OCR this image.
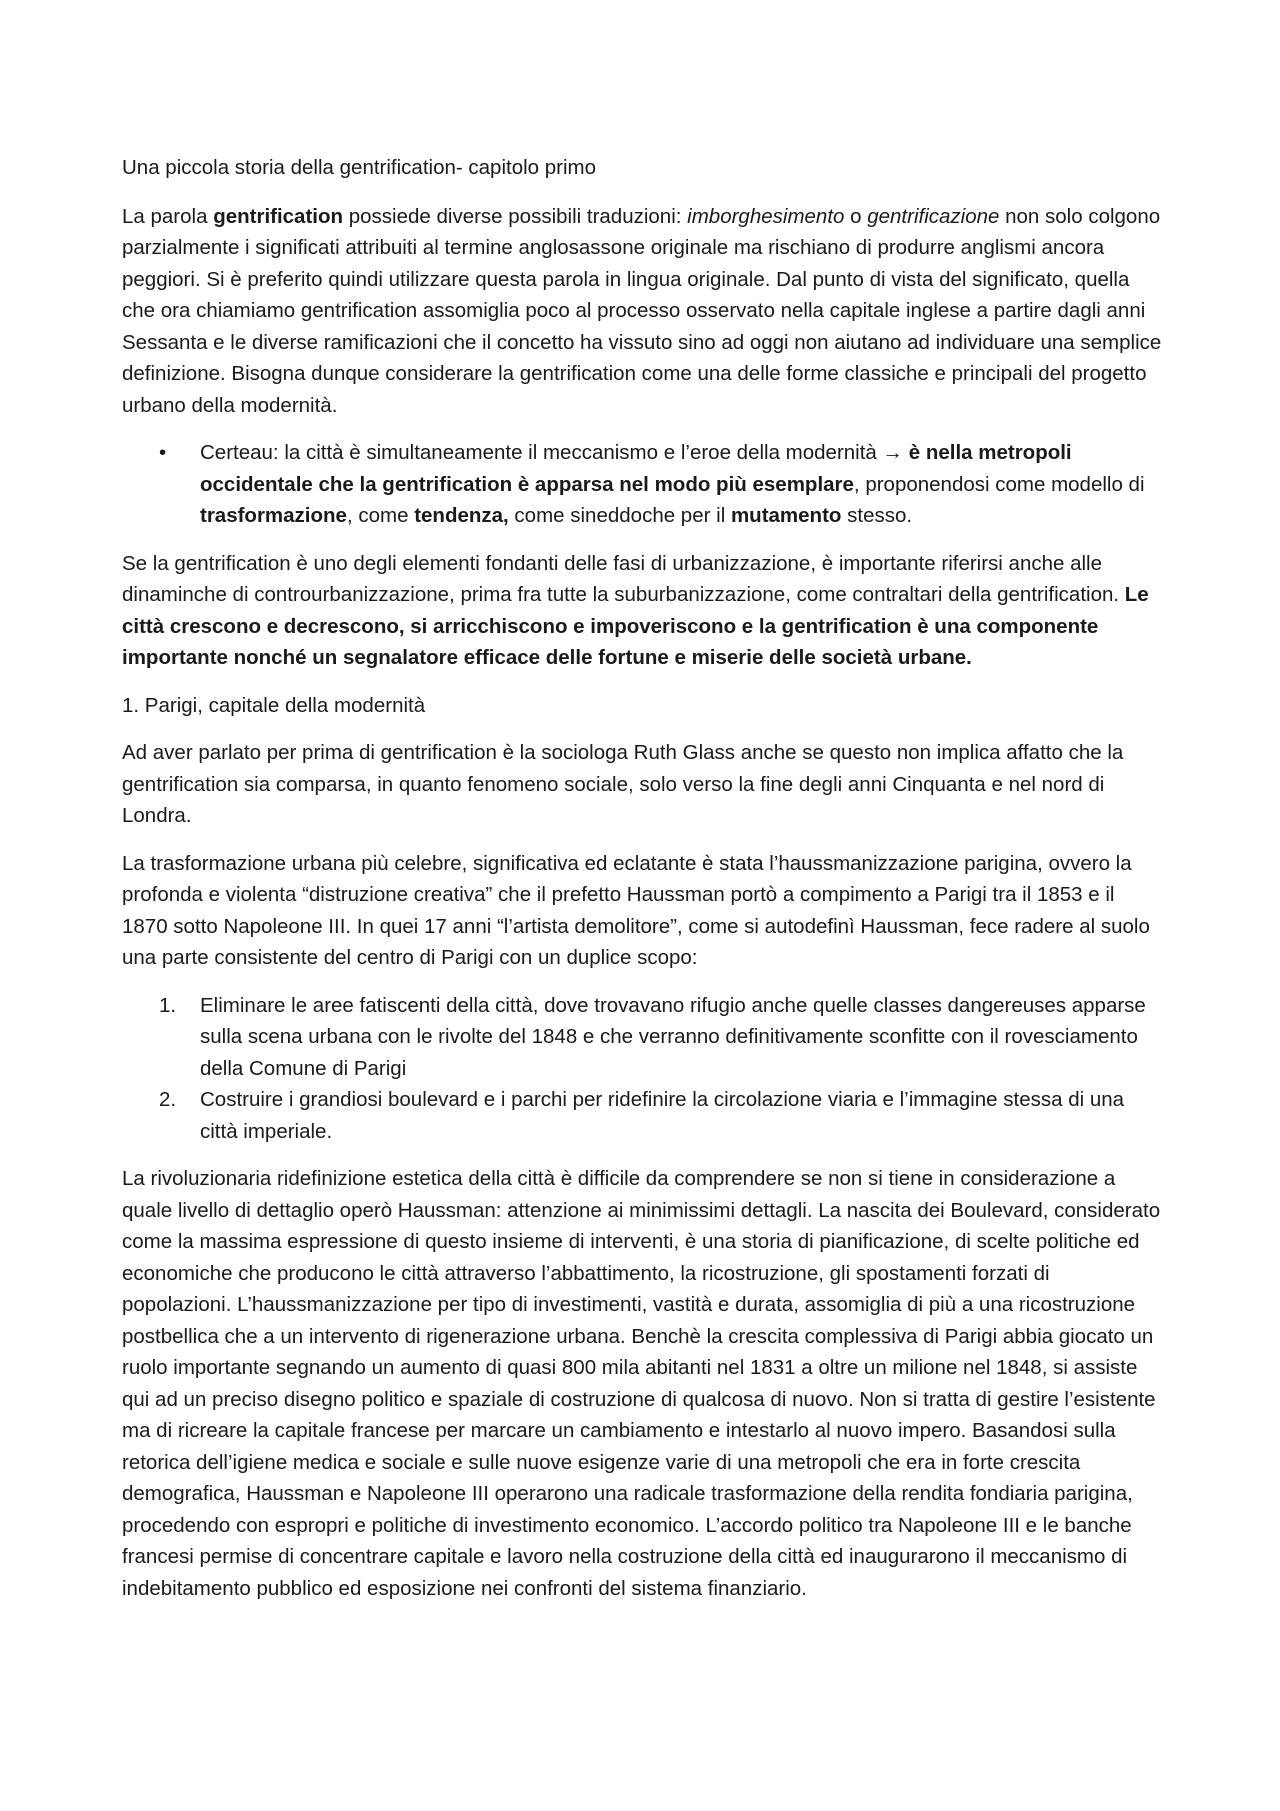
Una piccola storia della gentrification- capitolo primo

La parola gentrification possiede diverse possibili traduzioni: imborghesimento o gentrificazione non solo colgono parzialmente i significati attribuiti al termine anglosassone originale ma rischiano di produrre anglismi ancora peggiori. Si è preferito quindi utilizzare questa parola in lingua originale. Dal punto di vista del significato, quella che ora chiamiamo gentrification assomiglia poco al processo osservato nella capitale inglese a partire dagli anni Sessanta e le diverse ramificazioni che il concetto ha vissuto sino ad oggi non aiutano ad individuare una semplice definizione. Bisogna dunque considerare la gentrification come una delle forme classiche e principali del progetto urbano della modernità.

•	Certeau: la città è simultaneamente il meccanismo e l’eroe della modernità → è nella metropoli occidentale che la gentrification è apparsa nel modo più esemplare, proponendosi come modello di trasformazione, come tendenza, come sineddoche per il mutamento stesso.

Se la gentrification è uno degli elementi fondanti delle fasi di urbanizzazione, è importante riferirsi anche alle dinaminche di controurbanizzazione, prima fra tutte la suburbanizzazione, come contraltari della gentrification. Le città crescono e decrescono, si arricchiscono e impoveriscono e la gentrification è una componente importante nonché un segnalatore efficace delle fortune e miserie delle società urbane.

1. Parigi, capitale della modernità

Ad aver parlato per prima di gentrification è la sociologa Ruth Glass anche se questo non implica affatto che la gentrification sia comparsa, in quanto fenomeno sociale, solo verso la fine degli anni Cinquanta e nel nord di Londra.

La trasformazione urbana più celebre, significativa ed eclatante è stata l’haussmanizzazione parigina, ovvero la profonda e violenta “distruzione creativa” che il prefetto Haussman portò a compimento a Parigi tra il 1853 e il 1870 sotto Napoleone III. In quei 17 anni “l’artista demolitore”, come si autodefinì Haussman, fece radere al suolo una parte consistente del centro di Parigi con un duplice scopo:

1.	Eliminare le aree fatiscenti della città, dove trovavano rifugio anche quelle classes dangereuses apparse sulla scena urbana con le rivolte del 1848 e che verranno definitivamente sconfitte con il rovesciamento della Comune di Parigi
2.	Costruire i grandiosi boulevard e i parchi per ridefinire la circolazione viaria e l’immagine stessa di una città imperiale.

La rivoluzionaria ridefinizione estetica della città è difficile da comprendere se non si tiene in considerazione a quale livello di dettaglio operò Haussman: attenzione ai minimissimi dettagli. La nascita dei Boulevard, considerato come la massima espressione di questo insieme di interventi, è una storia di pianificazione, di scelte politiche ed economiche che producono le città attraverso l’abbattimento, la ricostruzione, gli spostamenti forzati di popolazioni. L’haussmanizzazione per tipo di investimenti, vastità e durata, assomiglia di più a una ricostruzione postbellica che a un intervento di rigenerazione urbana. Benchè la crescita complessiva di Parigi abbia giocato un ruolo importante segnando un aumento di quasi 800 mila abitanti nel 1831 a oltre un milione nel 1848, si assiste qui ad un preciso disegno politico e spaziale di costruzione di qualcosa di nuovo. Non si tratta di gestire l’esistente ma di ricreare la capitale francese per marcare un cambiamento e intestarlo al nuovo impero. Basandosi sulla retorica dell’igiene medica e sociale e sulle nuove esigenze varie di una metropoli che era in forte crescita demografica, Haussman e Napoleone III operarono una radicale trasformazione della rendita fondiaria parigina, procedendo con espropri e politiche di investimento economico. L’accordo politico tra Napoleone III e le banche francesi permise di concentrare capitale e lavoro nella costruzione della città ed inaugurarono il meccanismo di indebitamento pubblico ed esposizione nei confronti del sistema finanziario.
